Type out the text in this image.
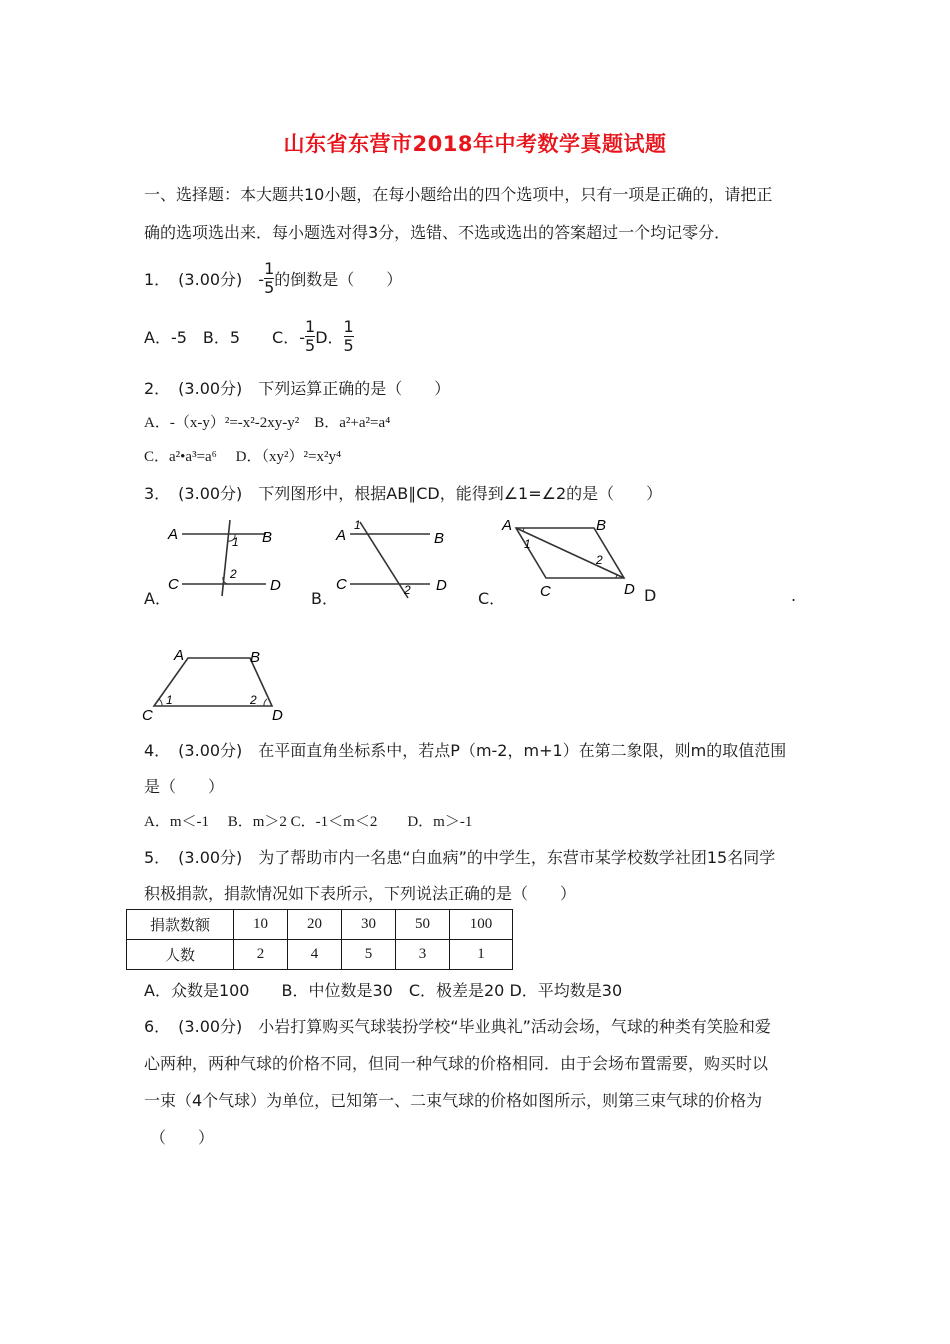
山东省东营市2018年中考数学真题试题
一、选择题：本大题共10小题，在每小题给出的四个选项中，只有一项是正确的，请把正
确的选项选出来．每小题选对得3分，选错、不选或选出的答案超过一个均记零分．
1．　(3.00分)　- $\frac{1}{5}$ 的倒数是（　　）
A．-5　B．5　　C．- $\frac{1}{5}$ D． $\frac{1}{5}$
2．　(3.00分)　下列运算正确的是（　　）
A．-（x-y）²=-x²-2xy-y²　B．a²+a²=a⁴
C．a²•a³=a⁶　 D．（xy²）²=x²y⁴
3．　(3.00分)　下列图形中，根据AB∥CD，能得到∠1=∠2的是（　　）
A．	B．	C．	D	.
A	B
C	D
1
2
A	B
C	D
1
2
A	B
C	D
1
2
A	B
C	D
1	2
4．　(3.00分)　在平面直角坐标系中，若点P（m-2，m+1）在第二象限，则m的取值范围
是（　　）
A．m＜-1　 B．m＞2 C．-1＜m＜2　　D．m＞-1
5．　(3.00分)　为了帮助市内一名患“白血病”的中学生，东营市某学校数学社团15名同学
积极捐款，捐款情况如下表所示，下列说法正确的是（　　）
捐款数额	10	20	30	50	100
人数	2	4	5	3	1
A．众数是100　　B．中位数是30　C．极差是20 D．平均数是30
6．　(3.00分)　小岩打算购买气球装扮学校“毕业典礼”活动会场，气球的种类有笑脸和爱
心两种，两种气球的价格不同，但同一种气球的价格相同．由于会场布置需要，购买时以
一束（4个气球）为单位，已知第一、二束气球的价格如图所示，则第三束气球的价格为
（　　）
